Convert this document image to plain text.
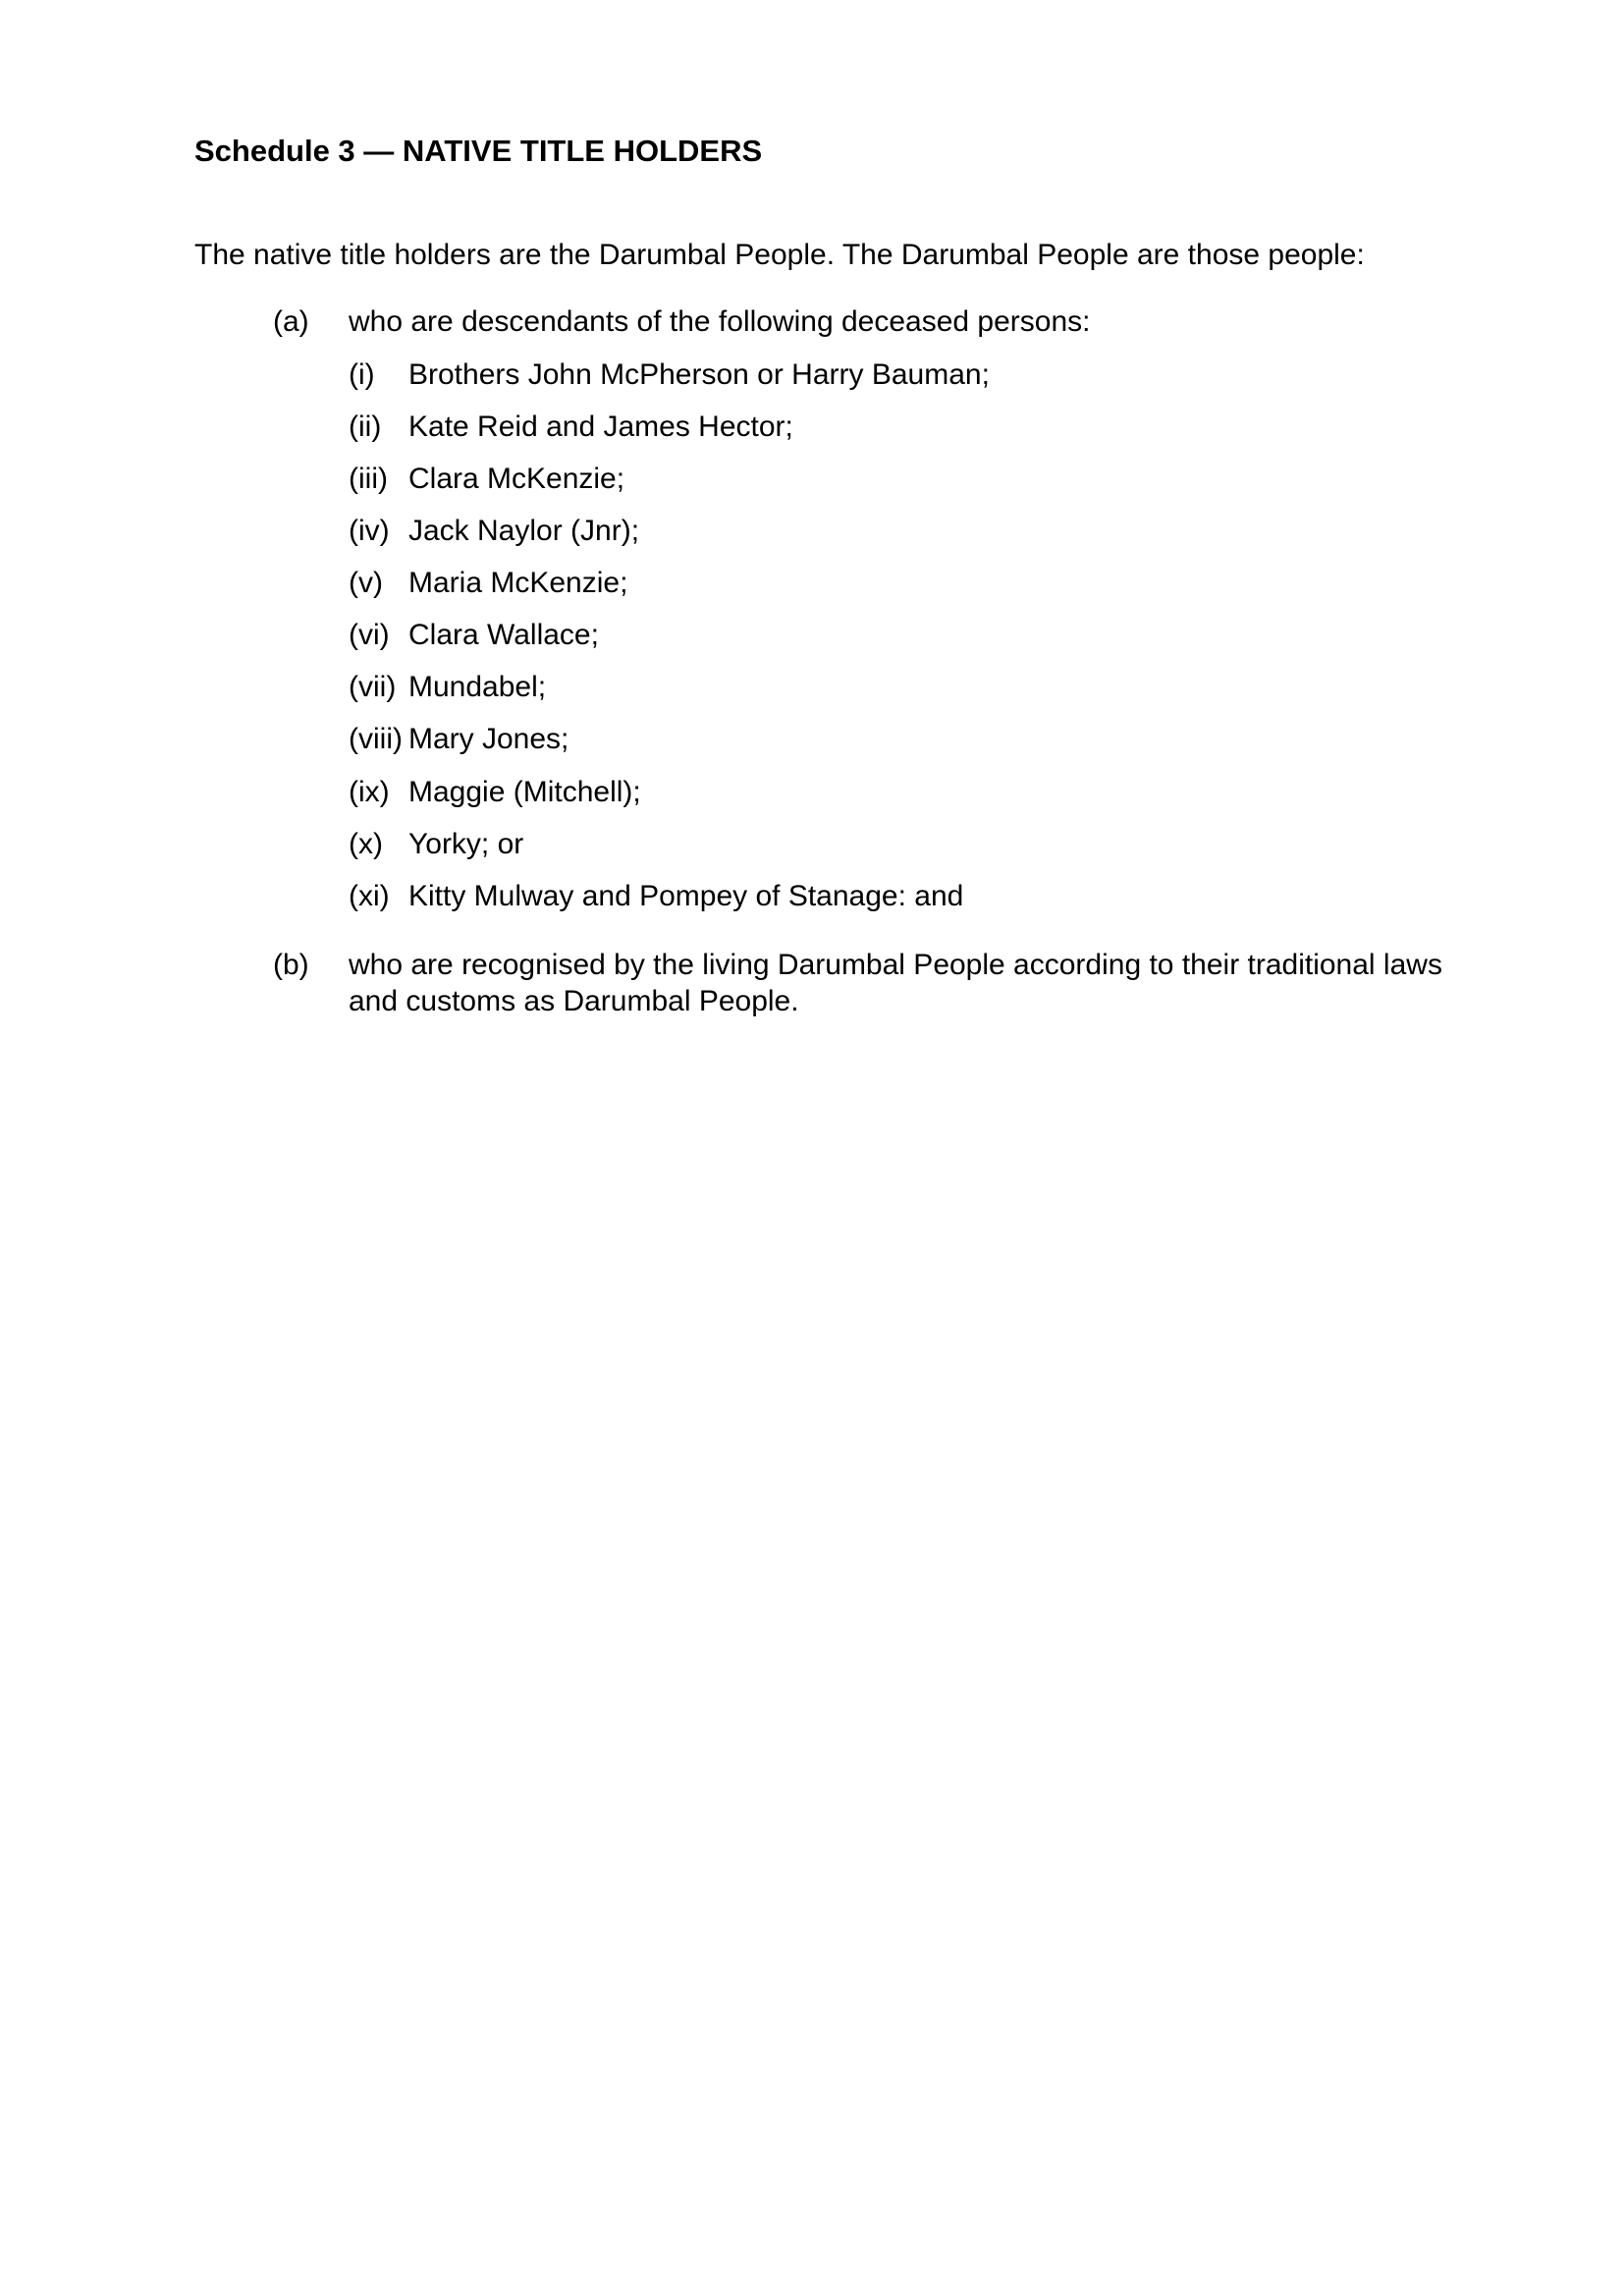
Schedule 3 — NATIVE TITLE HOLDERS
The native title holders are the Darumbal People. The Darumbal People are those people:
(a) who are descendants of the following deceased persons:
(i) Brothers John McPherson or Harry Bauman;
(ii) Kate Reid and James Hector;
(iii) Clara McKenzie;
(iv) Jack Naylor (Jnr);
(v) Maria McKenzie;
(vi) Clara Wallace;
(vii) Mundabel;
(viii) Mary Jones;
(ix) Maggie (Mitchell);
(x) Yorky; or
(xi) Kitty Mulway and Pompey of Stanage: and
(b) who are recognised by the living Darumbal People according to their traditional laws and customs as Darumbal People.
